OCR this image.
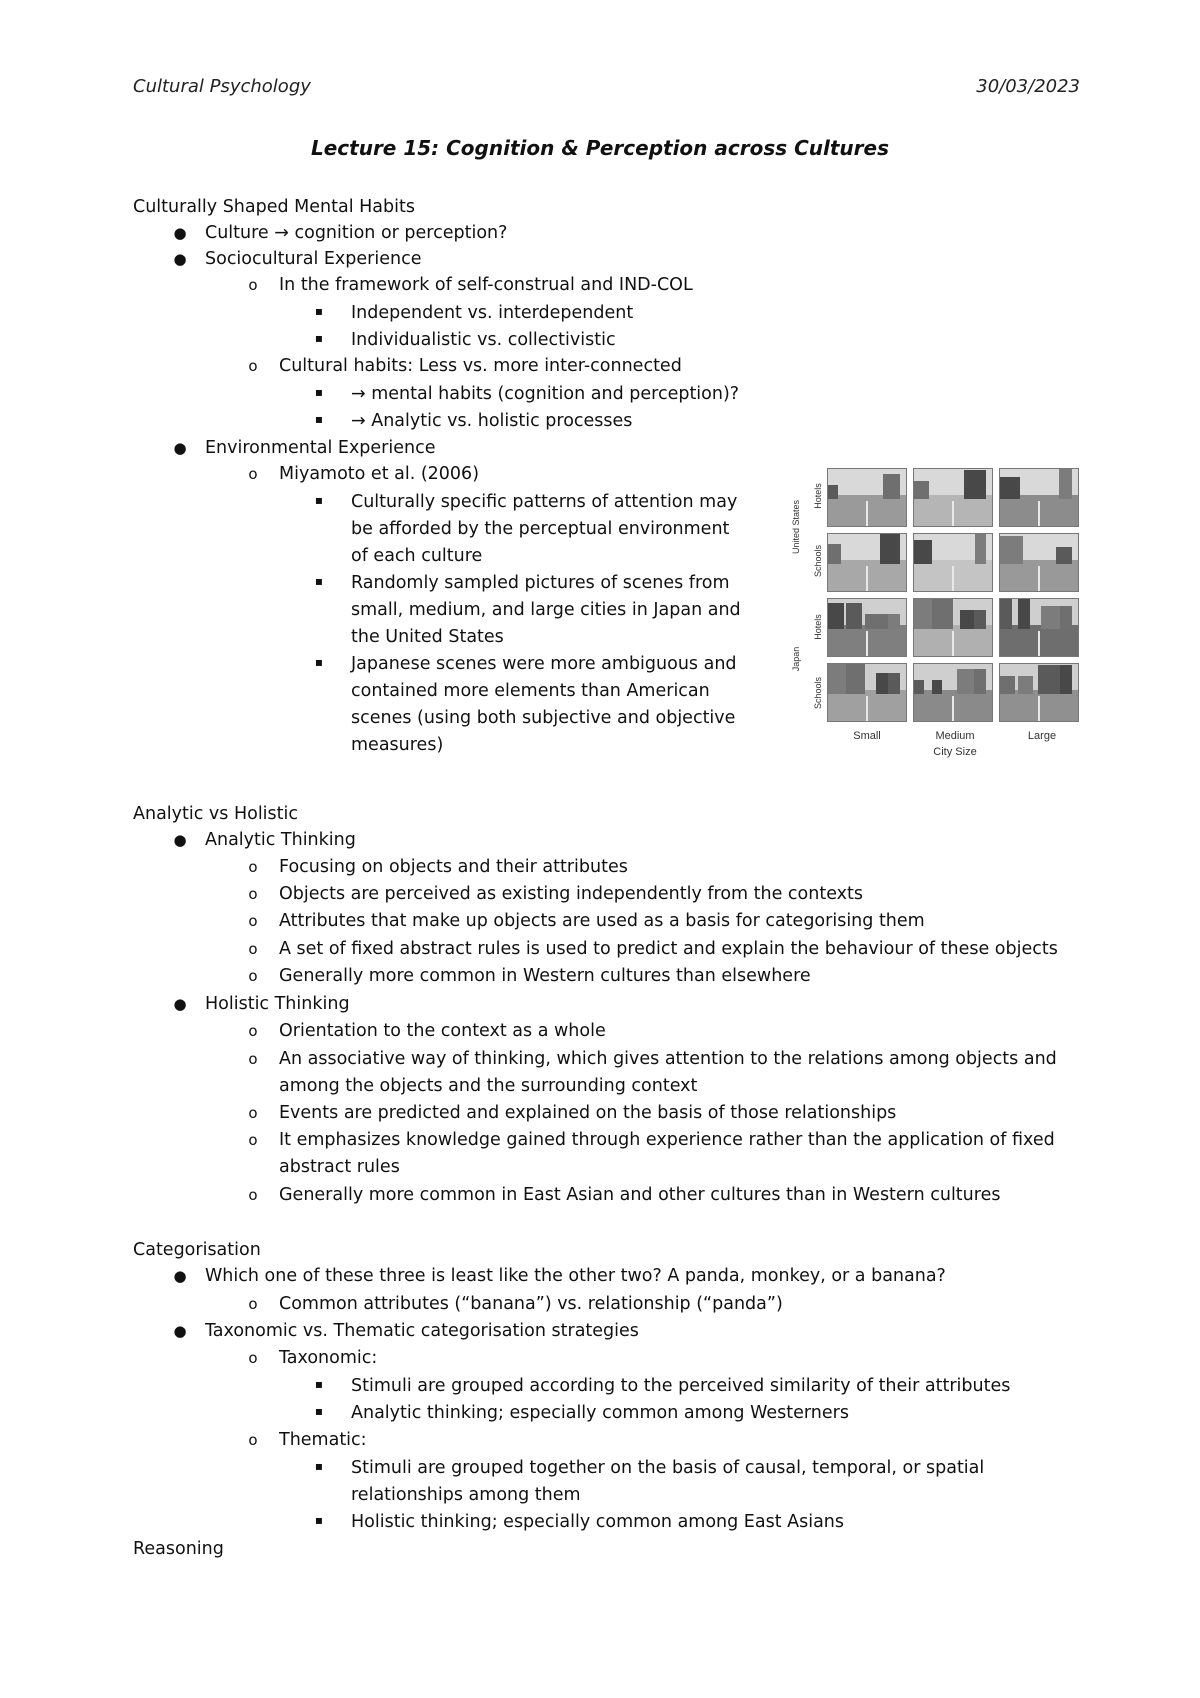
Cultural Psychology	30/03/2023
Lecture 15: Cognition & Perception across Cultures
Culturally Shaped Mental Habits
● Culture → cognition or perception?
● Sociocultural Experience
o In the framework of self-construal and IND-COL
▪ Independent vs. interdependent
▪ Individualistic vs. collectivistic
o Cultural habits: Less vs. more inter-connected
▪ → mental habits (cognition and perception)?
▪ → Analytic vs. holistic processes
● Environmental Experience
o Miyamoto et al. (2006)
▪ Culturally specific patterns of attention may
be afforded by the perceptual environment
of each culture
▪ Randomly sampled pictures of scenes from
small, medium, and large cities in Japan and
the United States
▪ Japanese scenes were more ambiguous and
contained more elements than American
scenes (using both subjective and objective
measures)
United States
Japan
Hotels
Schools
Hotels
Schools
Small	Medium	Large
City Size
Analytic vs Holistic
● Analytic Thinking
o Focusing on objects and their attributes
o Objects are perceived as existing independently from the contexts
o Attributes that make up objects are used as a basis for categorising them
o A set of fixed abstract rules is used to predict and explain the behaviour of these objects
o Generally more common in Western cultures than elsewhere
● Holistic Thinking
o Orientation to the context as a whole
o An associative way of thinking, which gives attention to the relations among objects and
among the objects and the surrounding context
o Events are predicted and explained on the basis of those relationships
o It emphasizes knowledge gained through experience rather than the application of fixed
abstract rules
o Generally more common in East Asian and other cultures than in Western cultures
Categorisation
● Which one of these three is least like the other two? A panda, monkey, or a banana?
o Common attributes (“banana”) vs. relationship (“panda”)
● Taxonomic vs. Thematic categorisation strategies
o Taxonomic:
▪ Stimuli are grouped according to the perceived similarity of their attributes
▪ Analytic thinking; especially common among Westerners
o Thematic:
▪ Stimuli are grouped together on the basis of causal, temporal, or spatial
relationships among them
▪ Holistic thinking; especially common among East Asians
Reasoning
